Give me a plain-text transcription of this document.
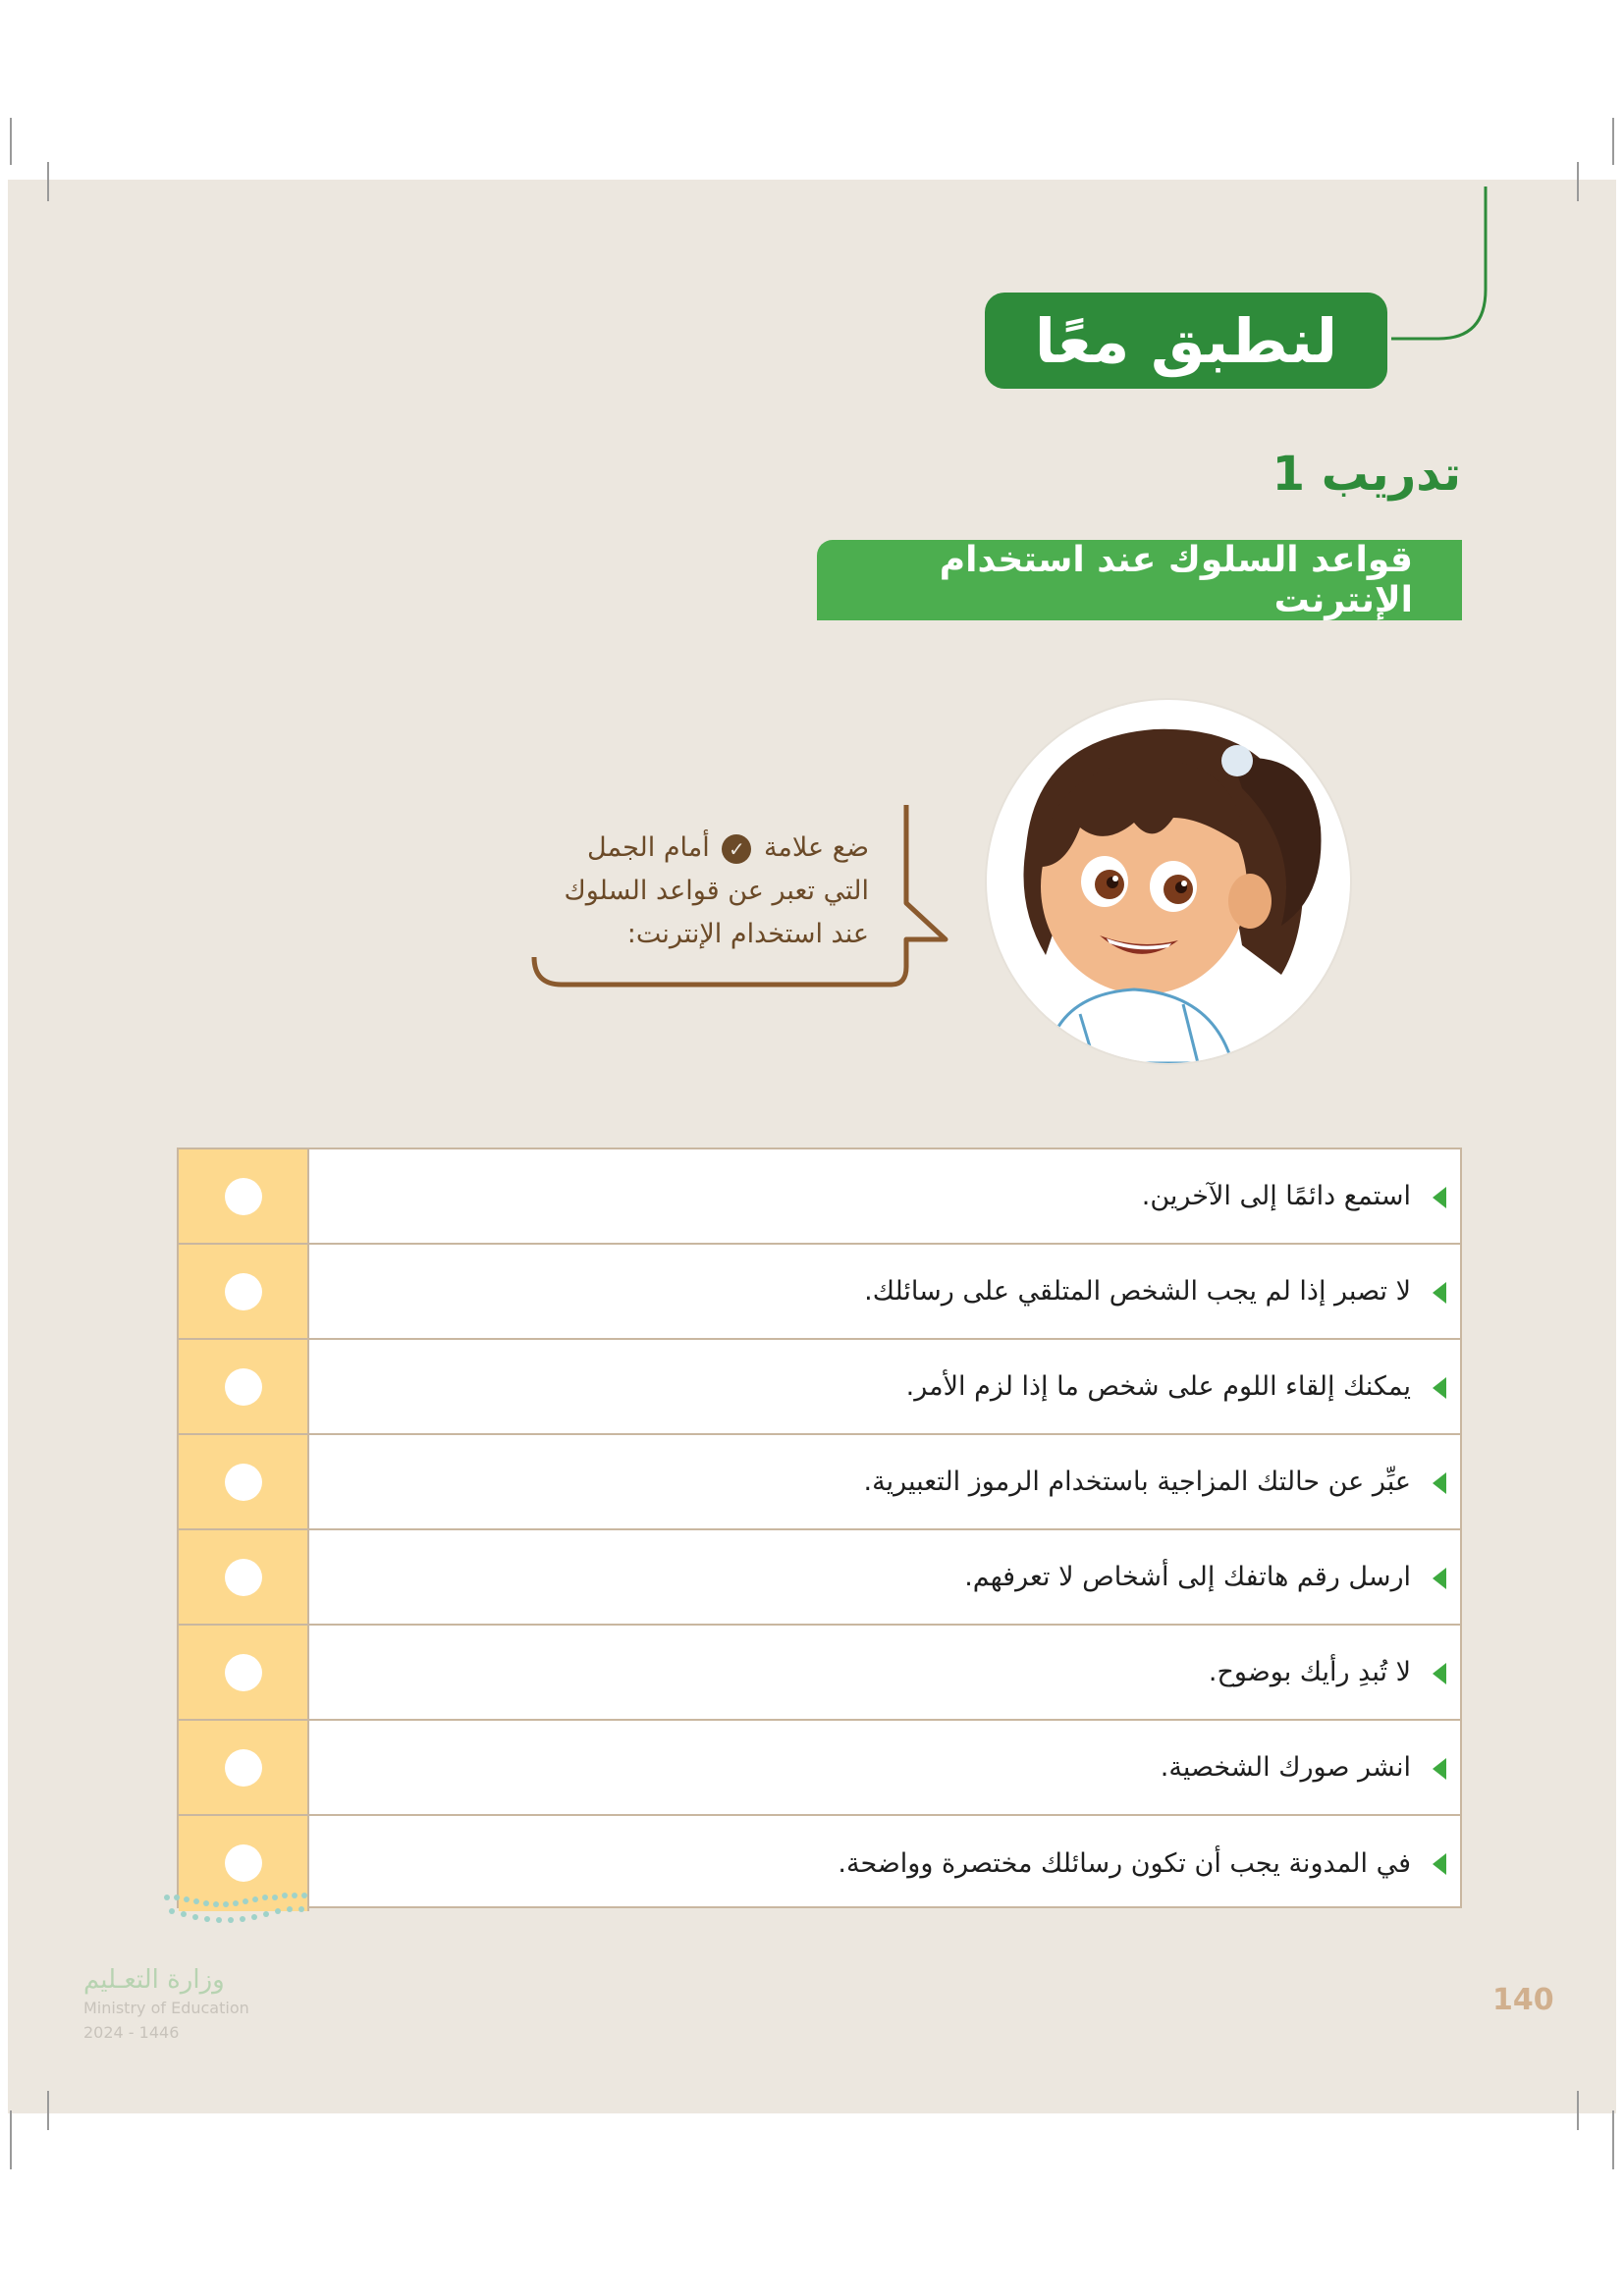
لنطبق معًا
تدريب 1
قواعد السلوك عند استخدام الإنترنت
ضع علامة ✓ أمام الجمل التي تعبر عن قواعد السلوك عند استخدام الإنترنت:
استمع دائمًا إلى الآخرين.
لا تصبر إذا لم يجب الشخص المتلقي على رسائلك.
يمكنك إلقاء اللوم على شخص ما إذا لزم الأمر.
عبِّر عن حالتك المزاجية باستخدام الرموز التعبيرية.
ارسل رقم هاتفك إلى أشخاص لا تعرفهم.
لا تُبدِ رأيك بوضوح.
انشر صورك الشخصية.
في المدونة يجب أن تكون رسائلك مختصرة وواضحة.
وزارة التعـليم
Ministry of Education
2024 - 1446
140
